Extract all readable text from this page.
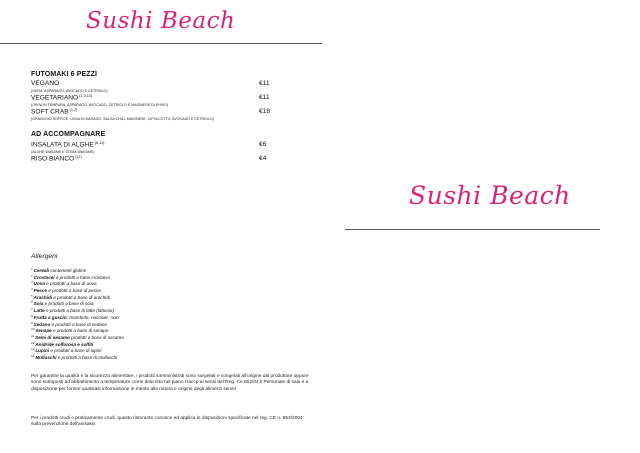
Sushi Beach
FUTOMAKI 6 PEZZI
VEGANO
(OKRA, ASPARAGO, AVOCADO E CETRIOLO)
€11
VEGETARIANO$^{(1,3,10)}$
(OKRA IN TEMPURA, ASPARAGO, AVOCADO, CETRIOLO E MAIONESE DI SHISO)
€11
SOFT CRAB$^{(1,2)}$
(GRANCHIO SOFFICE, UOVA DI MASAGO, SALSA CHILI, MAIONESE, CIPOLLOTTO, AVOCADO E CETRIOLO)
€18
AD ACCOMPAGNARE
INSALATA DI ALGHE$^{(6,11)}$
(ALGHE WAKAME E GOMA WAKAME)
€6
RISO BIANCO$^{(11)}$	€4
Allergeni
$^1$Cereali contenenti glutine
$^2$Crostacei e prodotti a base crostacei
$^3$Uova e prodotti a base di uova
$^4$Pesce e prodotti a base di pesce
$^5$Arachidi e prodotti a base di arachidi
$^6$Soia e prodotti a base di soia
$^7$Latte e prodotti a base di latte (lattosio)
$^8$Frutta a guscio: mandorle, nocciole, noci
$^9$Sedano e prodotti a base di sedano
$^{10}$Senape e prodotti a base di senape
$^{11}$Semi di sesamo prodotti a base di sesamo
$^{12}$Anidride solforosa e solfiti
$^{13}$Lupini e prodotti a base di lupini
$^{14}$Molluschi e prodotti a base di molluschi
Per garantire la qualità e la sicurezza alimentare, i prodotti somministrati sono surgelati e congelati all'origine dal produttore oppure sono sottoposti ad abbattimento a temperature come descritto nel piano Haccp ai sensi del Reg. Ce 852/04.ll Personale di sala è a disposizione per fornire qualsiasi informazione in merito alla natura e origine degli alimenti serviti
Per i prodotti crudi o praticamente crudi, questo ristorante conosce ed applica le disposizioni specificate nel reg. CE n. 853/2004 sulla prevenzione dell'anisakis
Sushi Beach
